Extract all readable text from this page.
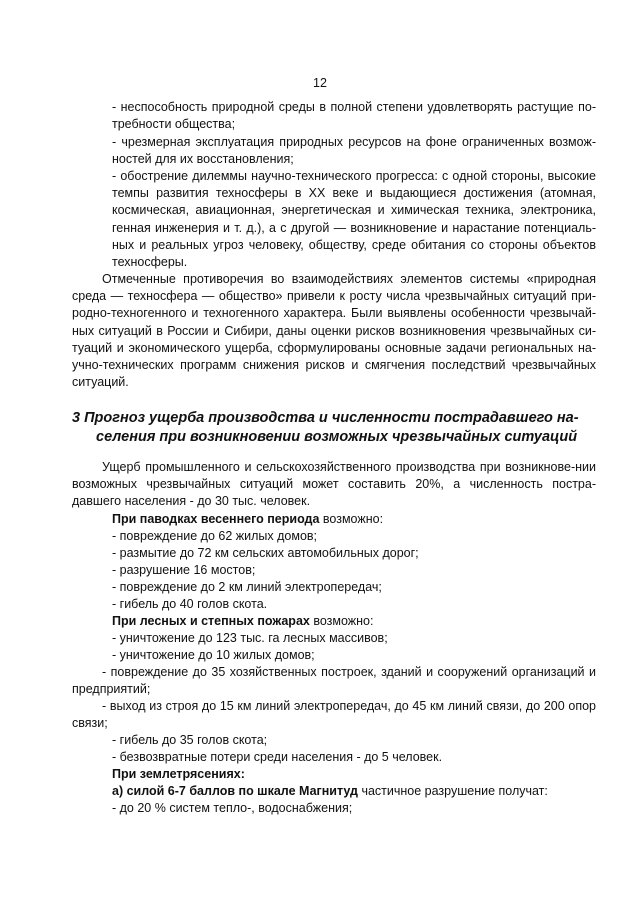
12
- неспособность природной среды в полной степени удовлетворять растущие по-требности общества;
- чрезмерная эксплуатация природных ресурсов на фоне ограниченных возмож-ностей для их восстановления;
- обострение дилеммы научно-технического прогресса: с одной стороны, высокие темпы развития техносферы в XX веке и выдающиеся достижения (атомная, космическая, авиационная, энергетическая и химическая техника, электроника, генная инженерия и т. д.), а с другой — возникновение и нарастание потенциаль-ных и реальных угроз человеку, обществу, среде обитания со стороны объектов техносферы.
Отмеченные противоречия во взаимодействиях элементов системы «природная среда — техносфера — общество» привели к росту числа чрезвычайных ситуаций при-родно-техногенного и техногенного характера. Были выявлены особенности чрезвычай-ных ситуаций в России и Сибири, даны оценки рисков возникновения чрезвычайных си-туаций и экономического ущерба, сформулированы основные задачи региональных на-учно-технических программ снижения рисков и смягчения последствий чрезвычайных ситуаций.
3 Прогноз ущерба производства и численности пострадавшего на-
селения при возникновении возможных чрезвычайных ситуаций
Ущерб промышленного и сельскохозяйственного производства при возникнове-нии возможных чрезвычайных ситуаций может составить 20%, а численность постра-давшего населения - до 30 тыс. человек.
При паводках весеннего периода возможно:
- повреждение до 62 жилых домов;
- размытие до 72 км сельских автомобильных дорог;
- разрушение 16 мостов;
- повреждение до 2 км линий электропередач;
- гибель до 40 голов скота.
При лесных и степных пожарах возможно:
- уничтожение до 123 тыс. га лесных массивов;
- уничтожение до 10 жилых домов;
- повреждение до 35 хозяйственных построек, зданий и сооружений организаций и предприятий;
- выход из строя до 15 км линий электропередач, до 45 км линий связи, до 200 опор связи;
- гибель до 35 голов скота;
- безвозвратные потери среди населения - до 5 человек.
При землетрясениях:
а) силой 6-7 баллов по шкале Магнитуд частичное разрушение получат:
- до 20 % систем тепло-, водоснабжения;
